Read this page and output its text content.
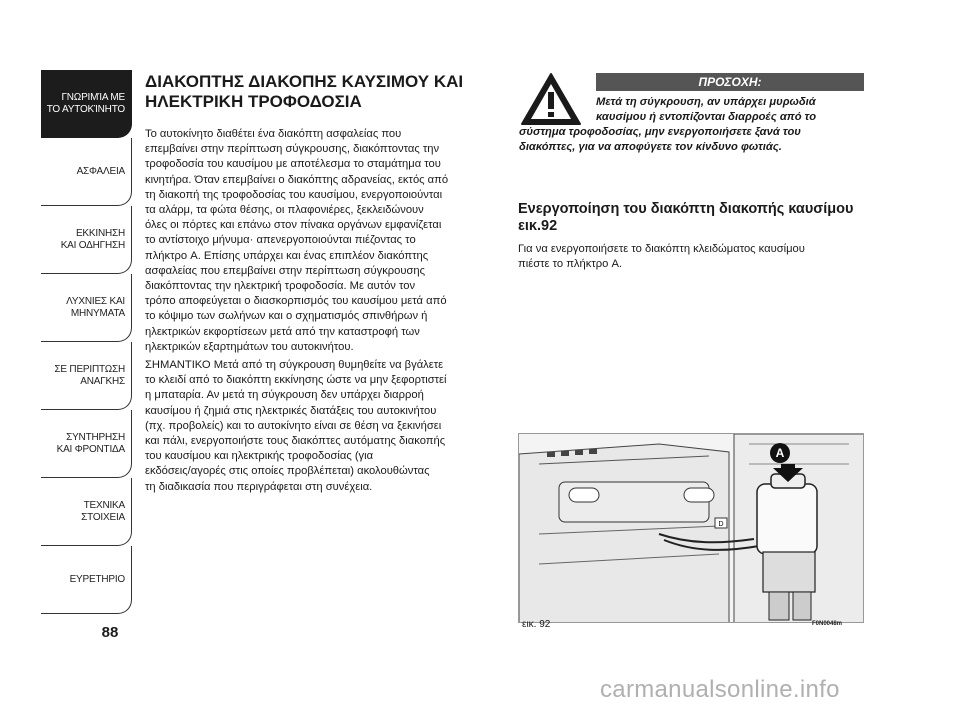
ΓΝΩΡΙΜΊΑ ΜΕ
ΤΟ ΑΥΤΟΚΊΝΗΤΟ
ΑΣΦΑΛΕΙΑ
ΕΚΚΙΝΗΣΗ
ΚΑΙ ΟΔΗΓΗΣΗ
ΛΥΧΝΙΕΣ ΚΑΙ
ΜΗΝΥΜΑΤΑ
ΣΕ ΠΕΡΙΠΤΩΣΗ
ΑΝΑΓΚΗΣ
ΣΥΝΤΗΡΗΣΗ
ΚΑΙ ΦΡΟΝΤΙΔΑ
ΤΕΧΝΙΚΑ
ΣΤΟΙΧΕΙΑ
ΕΥΡΕΤΗΡΙΟ
88
ΔΙΑΚΟΠΤΗΣ ΔΙΑΚΟΠΗΣ ΚΑΥΣΙΜΟΥ ΚΑΙ
ΗΛΕΚΤΡΙΚΗ ΤΡΟΦΟΔΟΣΙΑ

Το αυτοκίνητο διαθέτει ένα διακόπτη ασφαλείας που
επεμβαίνει στην περίπτωση σύγκρουσης, διακόπτοντας την
τροφοδοσία του καυσίμου με αποτέλεσμα το σταμάτημα του
κινητήρα. Όταν επεμβαίνει ο διακόπτης αδρανείας, εκτός από
τη διακοπή της τροφοδοσίας του καυσίμου, ενεργοποιούνται
τα αλάρμ, τα φώτα θέσης, οι πλαφονιέρες, ξεκλειδώνουν
όλες οι πόρτες και επάνω στον πίνακα οργάνων εμφανίζεται
το αντίστοιχο μήνυμα· απενεργοποιούνται πιέζοντας το
πλήκτρο A. Επίσης υπάρχει και ένας επιπλέον διακόπτης
ασφαλείας που επεμβαίνει στην περίπτωση σύγκρουσης
διακόπτοντας την ηλεκτρική τροφοδοσία. Με αυτόν τον
τρόπο αποφεύγεται ο διασκορπισμός του καυσίμου μετά από
το κόψιμο των σωλήνων και ο σχηματισμός σπινθήρων ή
ηλεκτρικών εκφορτίσεων μετά από την καταστροφή των
ηλεκτρικών εξαρτημάτων του αυτοκινήτου.

ΣΗΜΑΝΤΙΚΟ Μετά από τη σύγκρουση θυμηθείτε να βγάλετε
το κλειδί από το διακόπτη εκκίνησης ώστε να μην ξεφορτιστεί
η μπαταρία. Αν μετά τη σύγκρουση δεν υπάρχει διαρροή
καυσίμου ή ζημιά στις ηλεκτρικές διατάξεις του αυτοκινήτου
(πχ. προβολείς) και το αυτοκίνητο είναι σε θέση να ξεκινήσει
και πάλι, ενεργοποιήστε τους διακόπτες αυτόματης διακοπής
του καυσίμου και ηλεκτρικής τροφοδοσίας (για
εκδόσεις/αγορές στις οποίες προβλέπεται) ακολουθώντας
τη διαδικασία που περιγράφεται στη συνέχεια.

ΠΡΟΣΟΧΗ:
Μετά τη σύγκρουση, αν υπάρχει μυρωδιά
καυσίμου ή εντοπίζονται διαρροές από το
σύστημα τροφοδοσίας, μην ενεργοποιήσετε ξανά του
διακόπτες, για να αποφύγετε τον κίνδυνο φωτιάς.
Ενεργοποίηση του διακόπτη διακοπής καυσίμου
εικ.92
Για να ενεργοποιήσετε το διακόπτη κλειδώματος καυσίμου
πιέστε το πλήκτρο A.
D
A
εικ. 92	F0N0048m
carmanualsonline.info
